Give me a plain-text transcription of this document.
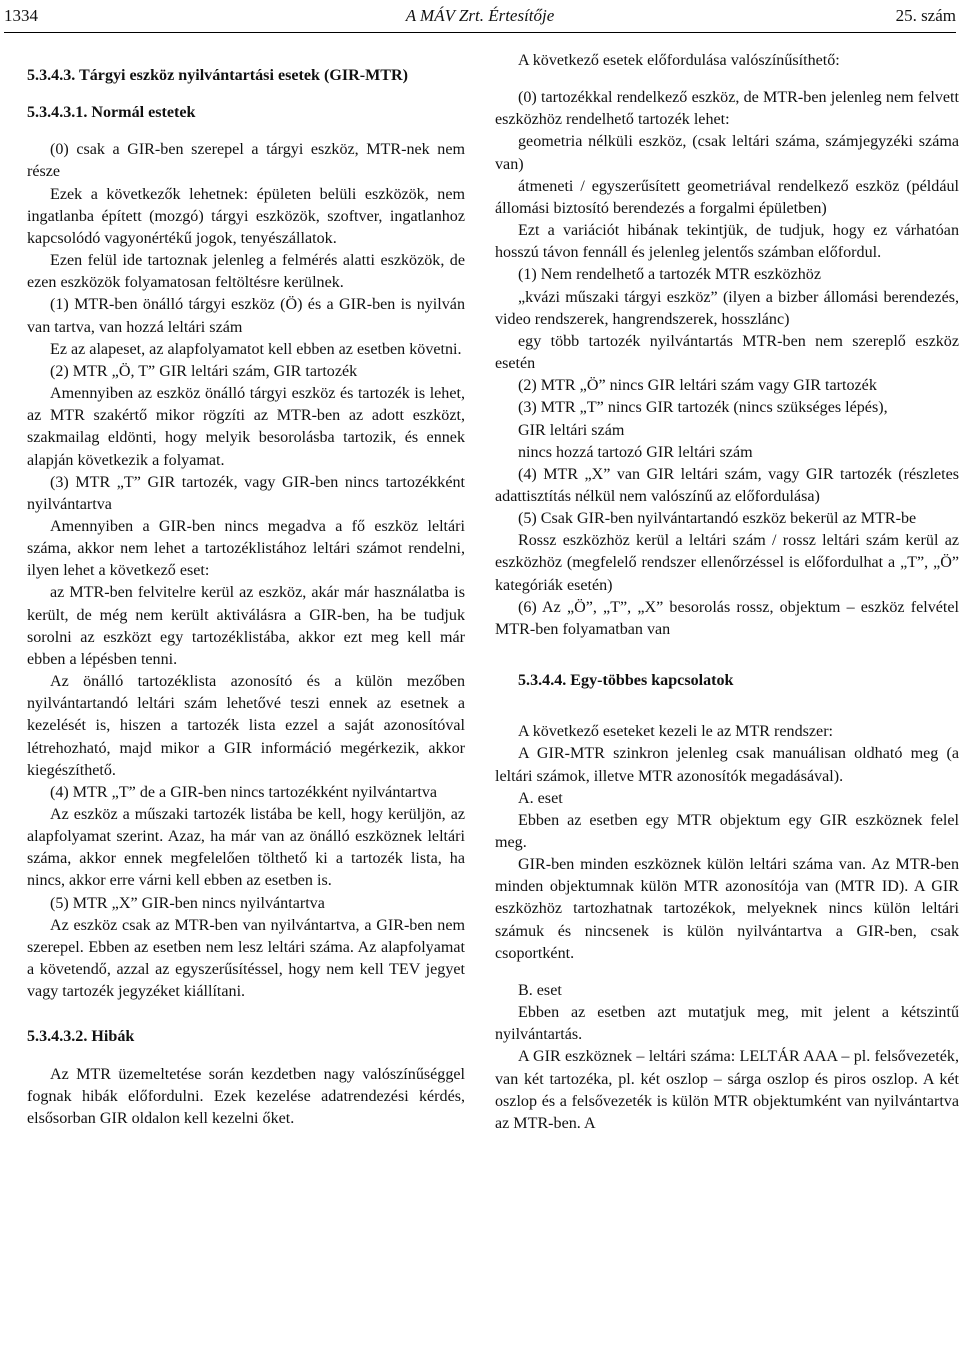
1334	A MÁV Zrt. Értesítője	25. szám
5.3.4.3. Tárgyi eszköz nyilvántartási esetek (GIR-MTR)

5.3.4.3.1. Normál estetek

(0) csak a GIR-ben szerepel a tárgyi eszköz, MTR-nek nem része

Ezek a következők lehetnek: épületen belüli eszközök, nem ingatlanba épített (mozgó) tárgyi eszközök, szoftver, ingatlanhoz kapcsolódó vagyonértékű jogok, tenyészállatok.

Ezen felül ide tartoznak jelenleg a felmérés alatti eszközök, de ezen eszközök folyamatosan feltöltésre kerülnek.

(1) MTR-ben önálló tárgyi eszköz (Ö) és a GIR-ben is nyilván van tartva, van hozzá leltári szám

Ez az alapeset, az alapfolyamatot kell ebben az esetben követni.

(2) MTR „Ö, T” GIR leltári szám, GIR tartozék

Amennyiben az eszköz önálló tárgyi eszköz és tartozék is lehet, az MTR szakértő mikor rögzíti az MTR-ben az adott eszközt, szakmailag eldönti, hogy melyik besorolásba tartozik, és ennek alapján következik a folyamat.

(3) MTR „T” GIR tartozék, vagy GIR-ben nincs tartozékként nyilvántartva

Amennyiben a GIR-ben nincs megadva a fő eszköz leltári száma, akkor nem lehet a tartozéklistához leltári számot rendelni, ilyen lehet a következő eset:

az MTR-ben felvitelre kerül az eszköz, akár már használatba is került, de még nem került aktiválásra a GIR-ben, ha be tudjuk sorolni az eszközt egy tartozéklistába, akkor ezt meg kell már ebben a lépésben tenni.

Az önálló tartozéklista azonosító és a külön mezőben nyilvántartandó leltári szám lehetővé teszi ennek az esetnek a kezelését is, hiszen a tartozék lista ezzel a saját azonosítóval létrehozható, majd mikor a GIR információ megérkezik, akkor kiegészíthető.

(4) MTR „T” de a GIR-ben nincs tartozékként nyilvántartva

Az eszköz a műszaki tartozék listába be kell, hogy kerüljön, az alapfolyamat szerint. Azaz, ha már van az önálló eszköznek leltári száma, akkor ennek megfelelően tölthető ki a tartozék lista, ha nincs, akkor erre várni kell ebben az esetben is.

(5) MTR „X” GIR-ben nincs nyilvántartva

Az eszköz csak az MTR-ben van nyilvántartva, a GIR-ben nem szerepel. Ebben az esetben nem lesz leltári száma. Az alapfolyamat a követendő, azzal az egyszerűsítéssel, hogy nem kell TEV jegyet vagy tartozék jegyzéket kiállítani.

5.3.4.3.2. Hibák

Az MTR üzemeltetése során kezdetben nagy valószínűséggel fognak hibák előfordulni. Ezek kezelése adatrendezési kérdés, elsősorban GIR oldalon kell kezelni őket.

A következő esetek előfordulása valószínűsíthető:

(0) tartozékkal rendelkező eszköz, de MTR-ben jelenleg nem felvett eszközhöz rendelhető tartozék lehet:

geometria nélküli eszköz, (csak leltári száma, számjegyzéki száma van)

átmeneti / egyszerűsített geometriával rendelkező eszköz (például állomási biztosító berendezés a forgalmi épületben)

Ezt a variációt hibának tekintjük, de tudjuk, hogy ez várhatóan hosszú távon fennáll és jelenleg jelentős számban előfordul.

(1) Nem rendelhető a tartozék MTR eszközhöz

„kvázi műszaki tárgyi eszköz” (ilyen a bizber állomási berendezés, video rendszerek, hangrendszerek, hosszlánc)

egy több tartozék nyilvántartás MTR-ben nem szereplő eszköz esetén

(2) MTR „Ö” nincs GIR leltári szám vagy GIR tartozék

(3) MTR „T” nincs GIR tartozék (nincs szükséges lépés),

GIR leltári szám

nincs hozzá tartozó GIR leltári szám

(4) MTR „X” van GIR leltári szám, vagy GIR tartozék (részletes adattisztítás nélkül nem valószínű az előfordulása)

(5) Csak GIR-ben nyilvántartandó eszköz bekerül az MTR-be

Rossz eszközhöz kerül a leltári szám / rossz leltári szám kerül az eszközhöz (megfelelő rendszer ellenőrzéssel is előfordulhat a „T”, „Ö” kategóriák esetén)

(6) Az „Ö”, „T”, „X” besorolás rossz, objektum – eszköz felvétel MTR-ben folyamatban van

5.3.4.4. Egy-többes kapcsolatok

A következő eseteket kezeli le az MTR rendszer:

A GIR-MTR szinkron jelenleg csak manuálisan oldható meg (a leltári számok, illetve MTR azonosítók megadásával).

A. eset

Ebben az esetben egy MTR objektum egy GIR eszköznek felel meg.

GIR-ben minden eszköznek külön leltári száma van. Az MTR-ben minden objektumnak külön MTR azonosítója van (MTR ID). A GIR eszközhöz tartozhatnak tartozékok, melyeknek nincs külön leltári számuk és nincsenek is külön nyilvántartva a GIR-ben, csak csoportként.

B. eset

Ebben az esetben azt mutatjuk meg, mit jelent a kétszintű nyilvántartás.

A GIR eszköznek – leltári száma: LELTÁR AAA – pl. felsővezeték, van két tartozéka, pl. két oszlop – sárga oszlop és piros oszlop. A két oszlop és a felsővezeték is külön MTR objektumként van nyilvántartva az MTR-ben. A
